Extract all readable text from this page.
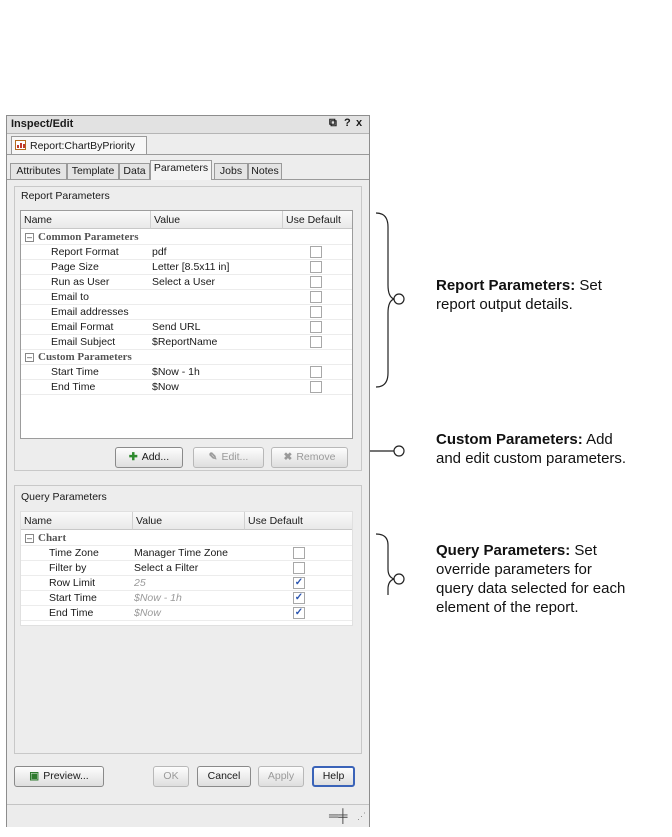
Inspect/Edit	⧉ ? x
Report:ChartByPriority
Attributes	Template Data Parameters	Jobs Notes
Report Parameters
Name	Value	Use Default
– Common Parameters
Report Format	pdf
Page Size	Letter [8.5x11 in]
Run as User	Select a User
Email to
Email addresses
Email Format	Send URL
Email Subject	$ReportName
– Custom Parameters
Start Time	$Now - 1h
End Time	$Now
✚ Add...	✎ Edit...	✖ Remove
Query Parameters
Name	Value	Use Default
– Chart
Time Zone	Manager Time Zone
Filter by	Select a Filter
Row Limit	25	✓
Start Time	$Now - 1h	✓
End Time	$Now	✓
▣ Preview...	OK	Cancel	Apply	Help
═╪ ⋰
Report Parameters: Set
report output details.
Custom Parameters: Add
and edit custom parameters.
Query Parameters: Set
override parameters for
query data selected for each
element of the report.
